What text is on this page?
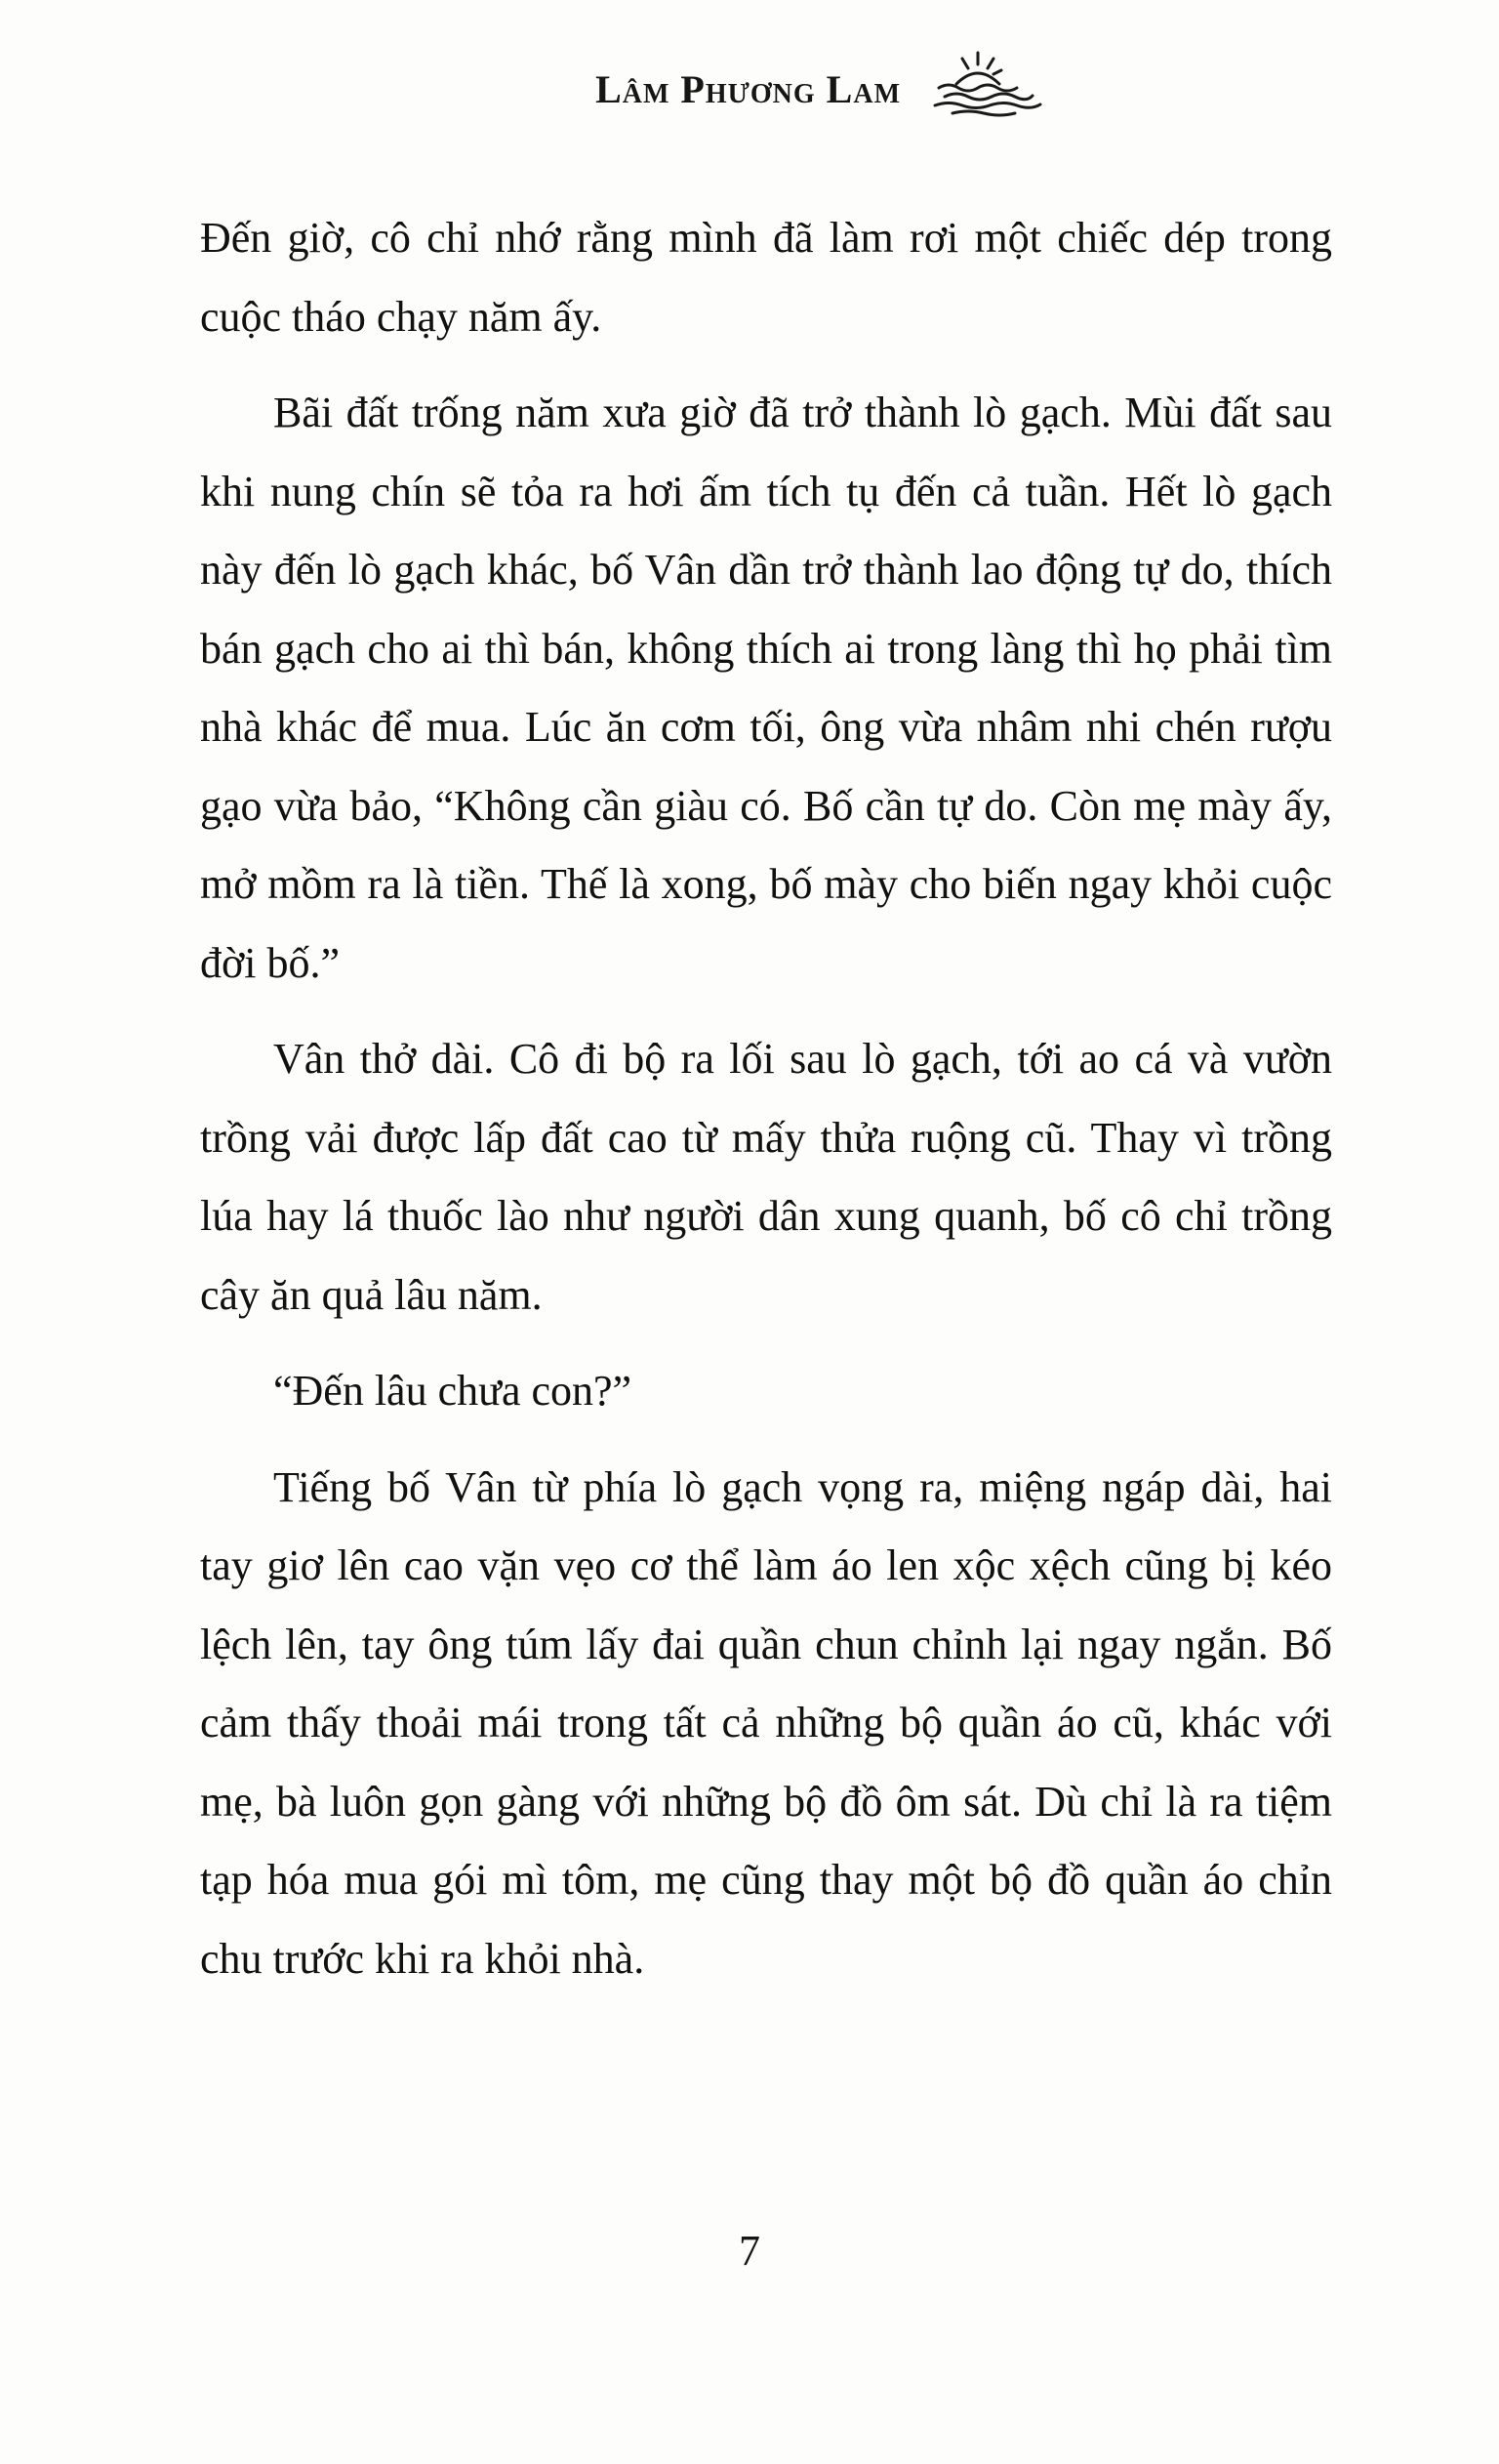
Lâm Phương Lam

Đến giờ, cô chỉ nhớ rằng mình đã làm rơi một chiếc dép trong cuộc tháo chạy năm ấy.

Bãi đất trống năm xưa giờ đã trở thành lò gạch. Mùi đất sau khi nung chín sẽ tỏa ra hơi ấm tích tụ đến cả tuần. Hết lò gạch này đến lò gạch khác, bố Vân dần trở thành lao động tự do, thích bán gạch cho ai thì bán, không thích ai trong làng thì họ phải tìm nhà khác để mua. Lúc ăn cơm tối, ông vừa nhâm nhi chén rượu gạo vừa bảo, “Không cần giàu có. Bố cần tự do. Còn mẹ mày ấy, mở mồm ra là tiền. Thế là xong, bố mày cho biến ngay khỏi cuộc đời bố.”

Vân thở dài. Cô đi bộ ra lối sau lò gạch, tới ao cá và vườn trồng vải được lấp đất cao từ mấy thửa ruộng cũ. Thay vì trồng lúa hay lá thuốc lào như người dân xung quanh, bố cô chỉ trồng cây ăn quả lâu năm.

“Đến lâu chưa con?”

Tiếng bố Vân từ phía lò gạch vọng ra, miệng ngáp dài, hai tay giơ lên cao vặn vẹo cơ thể làm áo len xộc xệch cũng bị kéo lệch lên, tay ông túm lấy đai quần chun chỉnh lại ngay ngắn. Bố cảm thấy thoải mái trong tất cả những bộ quần áo cũ, khác với mẹ, bà luôn gọn gàng với những bộ đồ ôm sát. Dù chỉ là ra tiệm tạp hóa mua gói mì tôm, mẹ cũng thay một bộ đồ quần áo chỉn chu trước khi ra khỏi nhà.

7
